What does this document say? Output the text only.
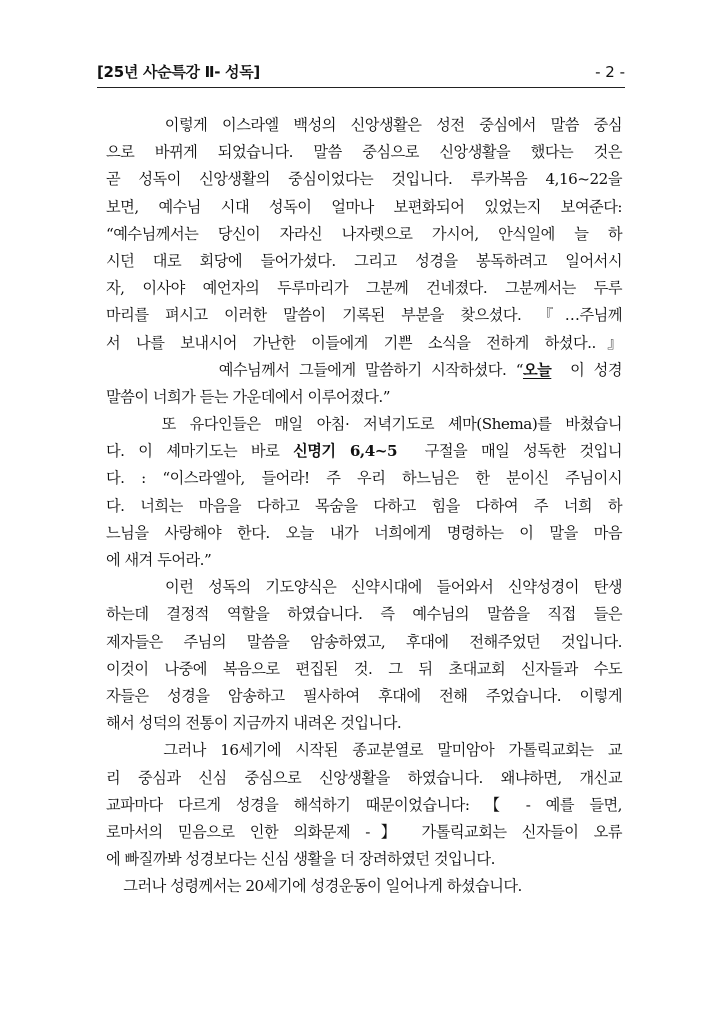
[25년 사순특강 Ⅱ- 성독]	- 2 -
이렇게 이스라엘 백성의 신앙생활은 성전 중심에서 말씀 중심
으로 바뀌게 되었습니다. 말씀 중심으로 신앙생활을 했다는 것은
곧 성독이 신앙생활의 중심이었다는 것입니다. 루카복음 4,16~22을
보면, 예수님 시대 성독이 얼마나 보편화되어 있었는지 보여준다:
“예수님께서는 당신이 자라신 나자렛으로 가시어, 안식일에 늘 하
시던 대로 회당에 들어가셨다. 그리고 성경을 봉독하려고 일어서시
자, 이사야 예언자의 두루마리가 그분께 건네졌다. 그분께서는 두루
마리를 펴시고 이러한 말씀이 기록된 부분을 찾으셨다. 『…주님께
서 나를 보내시어 가난한 이들에게 기쁜 소식을 전하게 하셨다..』
예수님께서 그들에게 말씀하기 시작하셨다. “오늘  이 성경
말씀이 너희가 듣는 가운데에서 이루어졌다.”
또 유다인들은 매일 아침· 저녁기도로 셰마(Shema)를 바쳤습니
다. 이 셰마기도는 바로 신명기 6,4~5  구절을 매일 성독한 것입니
다. : “이스라엘아, 들어라! 주 우리 하느님은 한 분이신 주님이시
다. 너희는 마음을 다하고 목숨을 다하고 힘을 다하여 주 너희 하
느님을 사랑해야 한다. 오늘 내가 너희에게 명령하는 이 말을 마음
에 새겨 두어라.”
이런 성독의 기도양식은 신약시대에 들어와서 신약성경이 탄생
하는데 결정적 역할을 하였습니다. 즉 예수님의 말씀을 직접 들은
제자들은 주님의 말씀을 암송하였고, 후대에 전해주었던 것입니다.
이것이 나중에 복음으로 편집된 것. 그 뒤 초대교회 신자들과 수도
자들은 성경을 암송하고 필사하여 후대에 전해 주었습니다. 이렇게
해서 성덕의 전통이 지금까지 내려온 것입니다.
그러나 16세기에 시작된 종교분열로 말미암아 가톨릭교회는 교
리 중심과 신심 중심으로 신앙생활을 하였습니다. 왜냐하면, 개신교
교파마다 다르게 성경을 해석하기 때문이었습니다: 【 - 예를 들면,
로마서의 믿음으로 인한 의화문제 -】 가톨릭교회는 신자들이 오류
에 빠질까봐 성경보다는 신심 생활을 더 장려하였던 것입니다.
그러나 성령께서는 20세기에 성경운동이 일어나게 하셨습니다.
